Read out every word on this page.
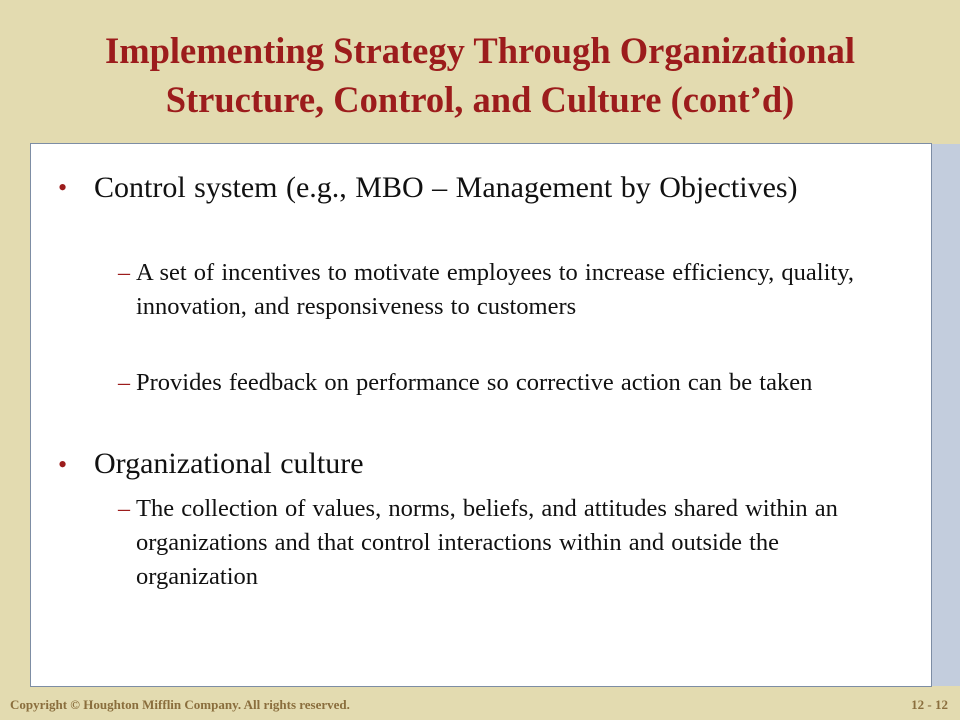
Implementing Strategy Through Organizational
Structure, Control, and Culture (cont’d)
• Control system (e.g., MBO – Management by Objectives)
– A set of incentives to motivate employees to increase efficiency, quality, innovation, and responsiveness to customers
– Provides feedback on performance so corrective action can be taken
• Organizational culture
– The collection of values, norms, beliefs, and attitudes shared within an organizations and that control interactions within and outside the organization
Copyright © Houghton Mifflin Company. All rights reserved.	12 - 12
